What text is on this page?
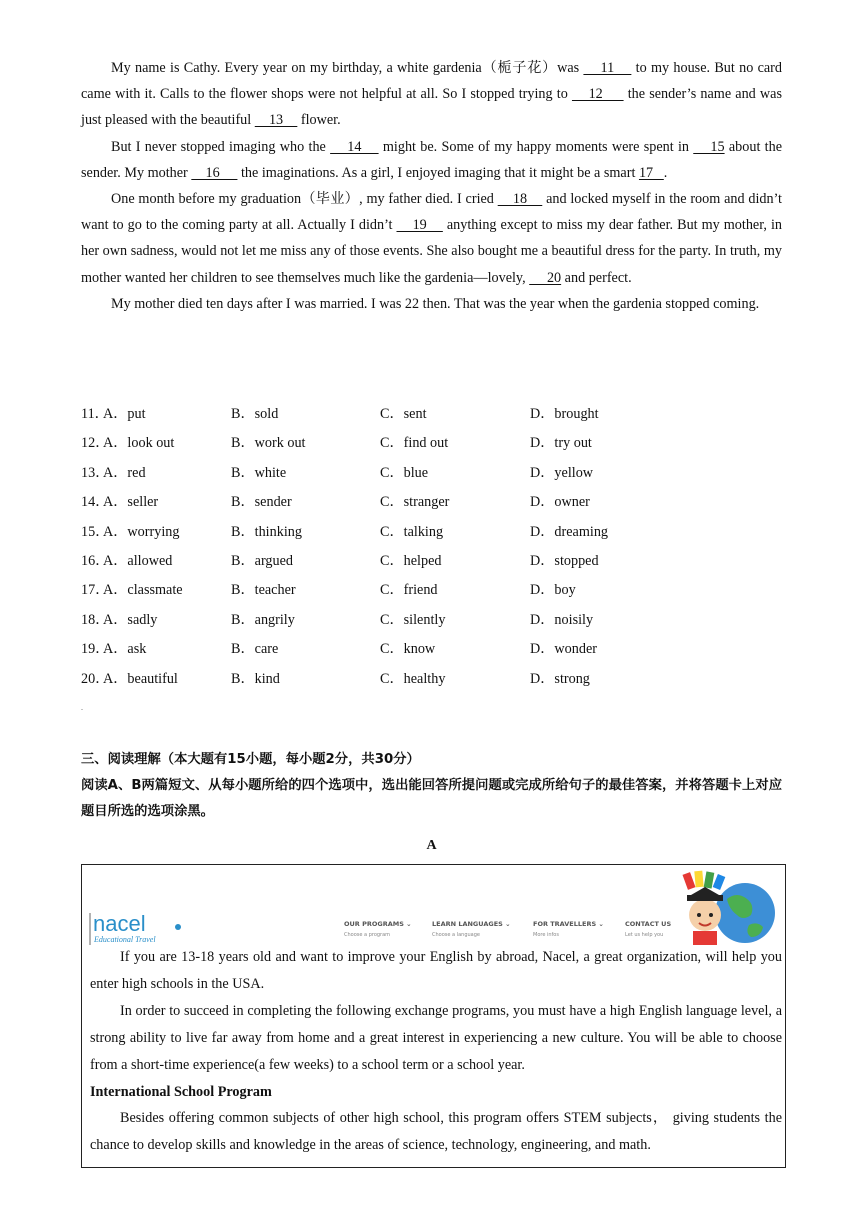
My name is Cathy. Every year on my birthday, a white gardenia（栀子花）was     11     to my house. But no card came with it. Calls to the flower shops were not helpful at all. So I stopped trying to     12      the sender’s name and was just pleased with the beautiful     13     flower.

But I never stopped imaging who the     14     might be. Some of my happy moments were spent in     15 about the sender. My mother     16      the imaginations. As a girl, I enjoyed imaging that it might be a smart 17   .

One month before my graduation（毕业）, my father died. I cried     18     and locked myself in the room and didn’t want to go to the coming party at all. Actually I didn’t     19     anything except to miss my dear father. But my mother, in her own sadness, would not let me miss any of those events. She also bought me a beautiful dress for the party. In truth, my mother wanted her children to see themselves much like the gardenia—lovely,      20 and perfect.

My mother died ten days after I was married. I was 22 then. That was the year when the gardenia stopped coming.

11．
A．put	B．sold	C．sent	D．brought
12．
A．look out	B．work out	C．find out	D．try out
13．
A．red	B．white	C．blue	D．yellow
14．
A．seller	B．sender	C．stranger	D．owner
15．
A．worrying	B．thinking	C．talking	D．dreaming
16．
A．allowed	B．argued	C．helped	D．stopped
17．
A．classmate	B．teacher	C．friend	D．boy
18．
A．sadly	B．angrily	C．silently	D．noisily
19．
A．ask	B．care	C．know	D．wonder
20．
A．beautiful	B．kind	C．healthy	D．strong
.

三、阅读理解（本大题有15小题，每小题2分，共30分）

阅读A、B两篇短文、从每小题所给的四个选项中，选出能回答所提问题或完成所给句子的最佳答案，并将答题卡上对应题目所选的选项涂黑。

A
nacel
Educational Travel
OUR PROGRAMS ⌄
Choose a program
LEARN LANGUAGES ⌄
Choose a language
FOR TRAVELLERS ⌄
More infos
CONTACT US
Let us help you

If you are 13-18 years old and want to improve your English by abroad, Nacel, a great organization, will help you enter high schools in the USA.

In order to succeed in completing the following exchange programs, you must have a high English language level, a strong ability to live far away from home and a great interest in experiencing a new culture. You will be able to choose from a short-time experience(a few weeks) to a school term or a school year.

International School Program

Besides offering common subjects of other high school, this program offers STEM subjects， giving students the chance to develop skills and knowledge in the areas of science, technology, engineering, and math.
